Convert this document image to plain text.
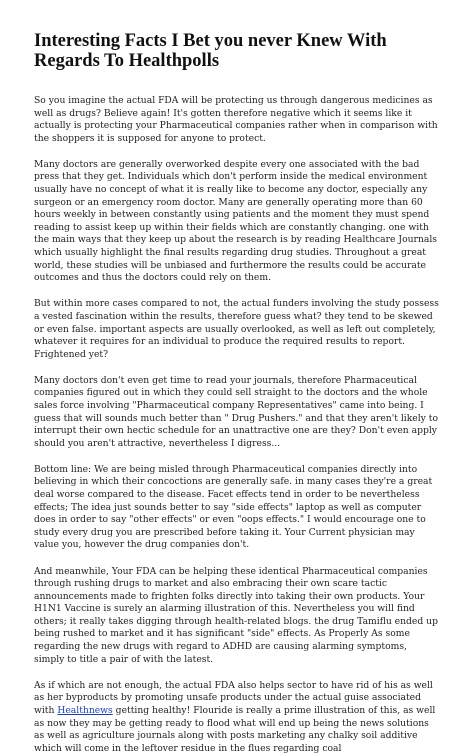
Interesting Facts I Bet you never Knew With Regards To Healthpolls

So you imagine the actual FDA will be protecting us through dangerous medicines as well as drugs? Believe again! It's gotten therefore negative which it seems like it actually is protecting your Pharmaceutical companies rather when in comparison with the shoppers it is supposed for anyone to protect.

Many doctors are generally overworked despite every one associated with the bad press that they get. Individuals which don't perform inside the medical environment usually have no concept of what it is really like to become any doctor, especially any surgeon or an emergency room doctor. Many are generally operating more than 60 hours weekly in between constantly using patients and the moment they must spend reading to assist keep up within their fields which are constantly changing. one with the main ways that they keep up about the research is by reading Healthcare Journals which usually highlight the final results regarding drug studies. Throughout a great world, these studies will be unbiased and furthermore the results could be accurate outcomes and thus the doctors could rely on them.

But within more cases compared to not, the actual funders involving the study possess a vested fascination within the results, therefore guess what? they tend to be skewed or even false. important aspects are usually overlooked, as well as left out completely, whatever it requires for an individual to produce the required results to report. Frightened yet?

Many doctors don't even get time to read your journals, therefore Pharmaceutical companies figured out in which they could sell straight to the doctors and the whole sales force involving "Pharmaceutical company Representatives" came into being. I guess that will sounds much better than " Drug Pushers." and that they aren't likely to interrupt their own hectic schedule for an unattractive one are they? Don't even apply should you aren't attractive, nevertheless I digress...

Bottom line: We are being misled through Pharmaceutical companies directly into believing in which their concoctions are generally safe. in many cases they're a great deal worse compared to the disease. Facet effects tend in order to be nevertheless effects; The idea just sounds better to say "side effects" laptop as well as computer does in order to say "other effects" or even "oops effects." I would encourage one to study every drug you are prescribed before taking it. Your Current physician may value you, however the drug companies don't.

And meanwhile, Your FDA can be helping these identical Pharmaceutical companies through rushing drugs to market and also embracing their own scare tactic announcements made to frighten folks directly into taking their own products. Your H1N1 Vaccine is surely an alarming illustration of this. Nevertheless you will find others; it really takes digging through health-related blogs. the drug Tamiflu ended up being rushed to market and it has significant "side" effects. As Properly As some regarding the new drugs with regard to ADHD are causing alarming symptoms, simply to title a pair of with the latest.

As if which are not enough, the actual FDA also helps sector to have rid of his as well as her byproducts by promoting unsafe products under the actual guise associated with Healthnews getting healthy! Flouride is really a prime illustration of this, as well as now they may be getting ready to flood what will end up being the news solutions as well as agriculture journals along with posts marketing any chalky soil additive which will come in the leftover residue in the flues regarding coal
